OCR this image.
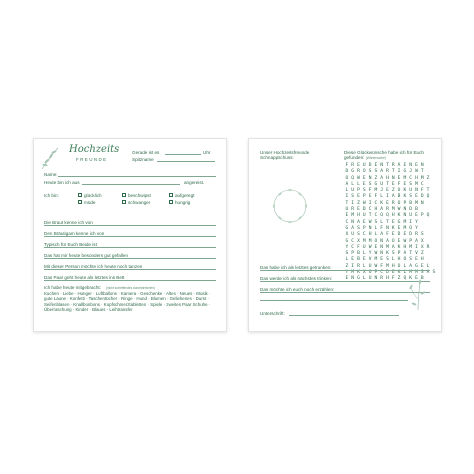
Hochzeits
FREUNDE
Gerade ist es	Uhr
Spitzname
Name:
Heute bin ich aus	angereist.
Ich bin:	glücklich	beschwipst	aufgeregt
müde	schwanger	hungrig
Die Braut kenne ich von
Den Bräutigam kenne ich von
Typisch für Euch Beide ist
Das hat mir heute besonders gut gefallen
Mit dieser Person möchte ich heute noch tanzen
Das Paar geht heute als letztes ins Bett
Ich habe heute mitgebracht: (nicht zutreffendes durchstreichen)
Kuchen · Liebe · Hunger · Luftballons · Kamera · Geschenke · Altes · Neues · Musik · gute Laune · Konfetti · Taschentücher · Ringe · Hund · Blumen · Geliehenes · Durst · Seifenblasen · Knallbonbons · Kopfschmerztabletten · Spiele · zweites Paar Schuhe · Überraschung · Kinder · Blaues · Leihtransfer
Unser Hochzeitsfreunde Schnappschuss:
Diese Glückwünsche habe ich für Euch gefunden: (Wörtersuche)
F R E U D E N T R A E N E N
D G R O S S A R T I G J W T
O Q W E N Z A H N E M C H M Z
A L L E S G U T E F E S M C
L U P S F M J E Z U K U N F T
I S E P E F L I A B K S E D Q
T I Z W I C K E R O P B M N
U R E D C H A R M W N D B
E M H U T C O Q H K N U E P Q
C N A E W S L T E G M I Y
G A S P N L F N K E M O Y
X U S C H L A F E D E D R S
G C X M M O N A O E W P A X
Y C F U W E N M A K H M I X R
S P B L Y W N K S P A T V Z
L E B E V M E S L H O S E H
Z I R L U W F M H O L A G E L
Y M K X O P C D E K L M M S A S
E N G L U N R H F Z Q K E B
Das habe ich als letztes getrunken:
Das werde ich als nächstes trinken:
Das möchte ich euch noch erzählen:
Unterschrift:
